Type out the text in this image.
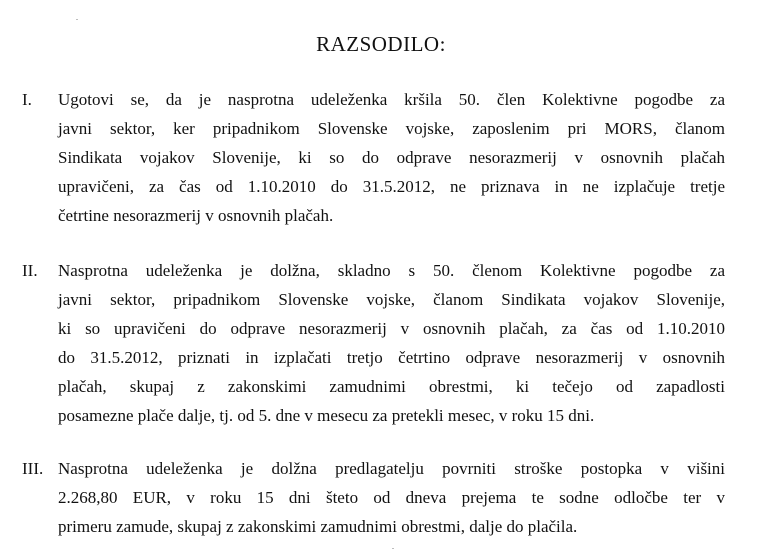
RAZSODILO:
I. Ugotovi se, da je nasprotna udeleženka kršila 50. člen Kolektivne pogodbe za
javni sektor, ker pripadnikom Slovenske vojske, zaposlenim pri MORS, članom
Sindikata vojakov Slovenije, ki so do odprave nesorazmerij v osnovnih plačah
upravičeni, za čas od 1.10.2010 do 31.5.2012, ne priznava in ne izplačuje tretje
četrtine nesorazmerij v osnovnih plačah.
II. Nasprotna udeleženka je dolžna, skladno s 50. členom Kolektivne pogodbe za
javni sektor, pripadnikom Slovenske vojske, članom Sindikata vojakov Slovenije,
ki so upravičeni do odprave nesorazmerij v osnovnih plačah, za čas od 1.10.2010
do 31.5.2012, priznati in izplačati tretjo četrtino odprave nesorazmerij v osnovnih
plačah, skupaj z zakonskimi zamudnimi obrestmi, ki tečejo od zapadlosti
posamezne plače dalje, tj. od 5. dne v mesecu za pretekli mesec, v roku 15 dni.
III. Nasprotna udeleženka je dolžna predlagatelju povrniti stroške postopka v višini
2.268,80 EUR, v roku 15 dni šteto od dneva prejema te sodne odločbe ter v
primeru zamude, skupaj z zakonskimi zamudnimi obrestmi, dalje do plačila.
